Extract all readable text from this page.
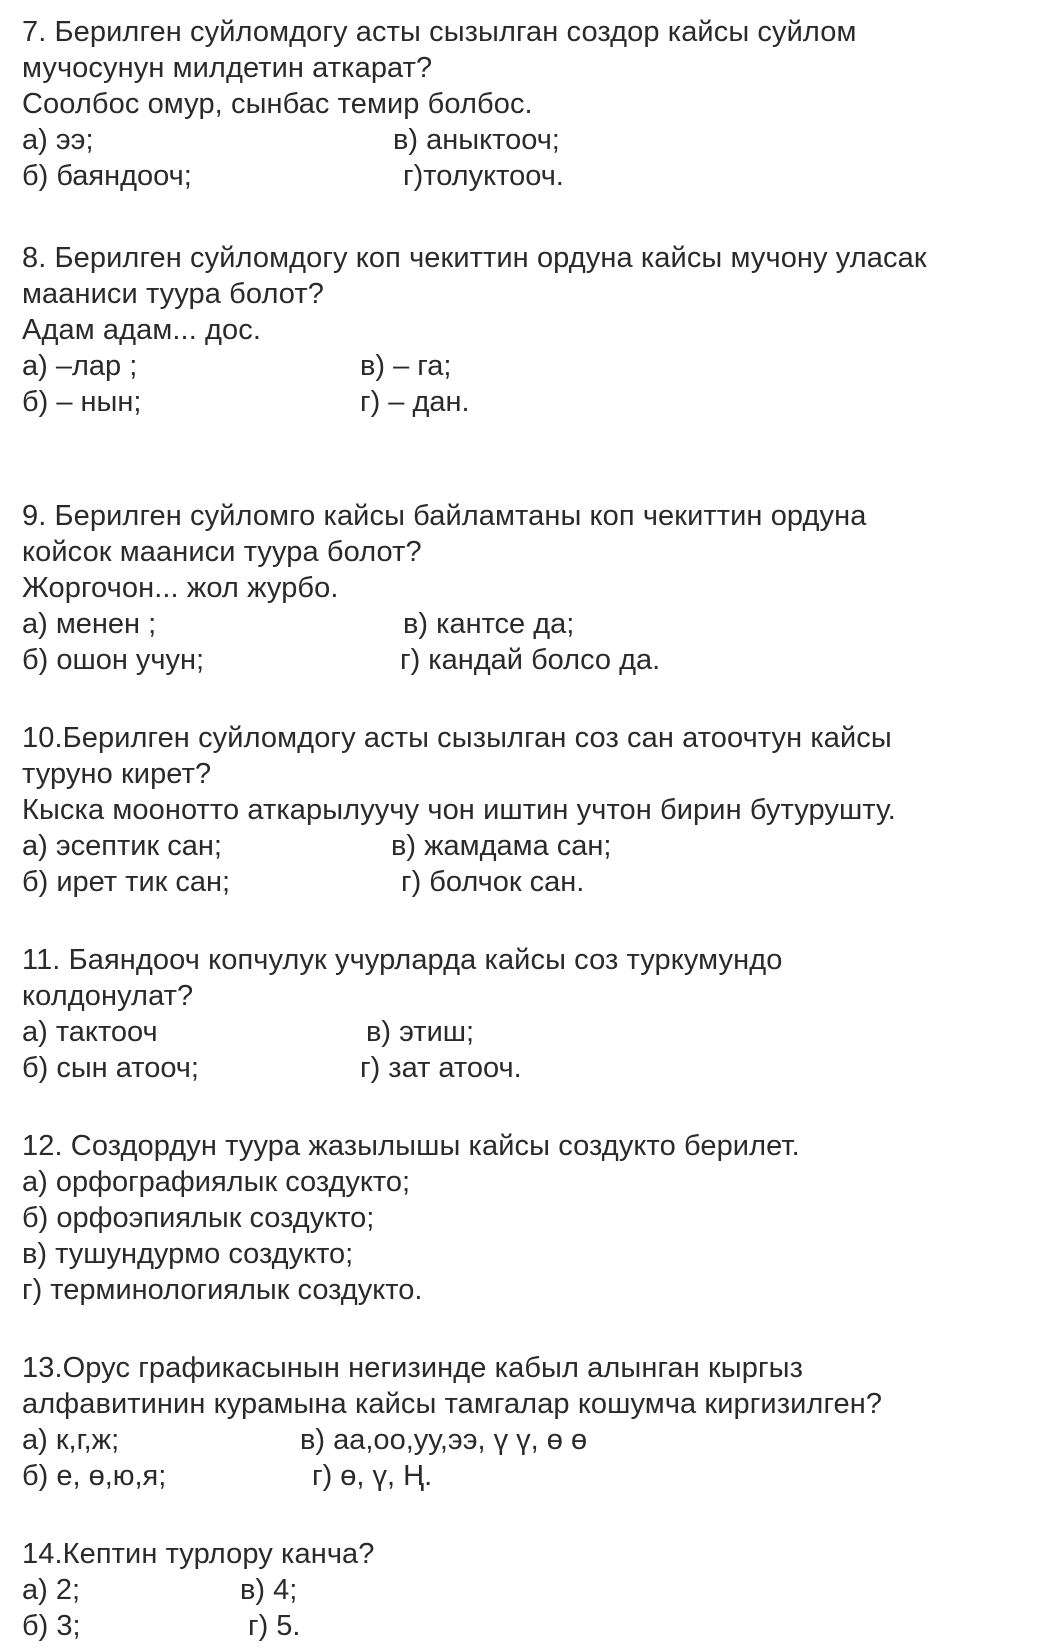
7. Берилген суйломдогу асты сызылган создор кайсы суйлом
мучосунун милдетин аткарат?
Соолбос омур, сынбас темир болбос.
а) ээ;	в) аныктооч;
б) баяндооч;	г)толуктооч.
8. Берилген суйломдогу коп чекиттин ордуна кайсы мучону уласак
мааниси туура болот?
Адам адам... дос.
а) –лар ;	в) – га;
б) – нын;	г) – дан.
9. Берилген суйломго кайсы байламтаны коп чекиттин ордуна
койсок мааниси туура болот?
Жоргочон... жол журбо.
а) менен ;	в) кантсе да;
б) ошон учун;	г) кандай болсо да.
10.Берилген суйломдогу асты сызылган соз сан атоочтун кайсы
туруно кирет?
Кыска моонотто аткарылуучу чон иштин учтон бирин бутурушту.
а) эсептик сан;	в) жамдама сан;
б) ирет тик сан;	г) болчок сан.
11. Баяндооч копчулук учурларда кайсы соз туркумундо
колдонулат?
а) тактооч	в) этиш;
б) сын атооч;	г) зат атооч.
12. Создордун туура жазылышы кайсы создукто берилет.
а) орфографиялык создукто;
б) орфоэпиялык создукто;
в) тушундурмо создукто;
г) терминологиялык создукто.
13.Орус графикасынын негизинде кабыл алынган кыргыз
алфавитинин курамына кайсы тамгалар кошумча киргизилген?
а) к,г,ж;	в) аа,оо,уу,ээ, ү ү, ө ө
б) е, ө,ю,я;	г) ө, ү, Ң.
14.Кептин турлору канча?
а) 2;	в) 4;
б) 3;	г) 5.
